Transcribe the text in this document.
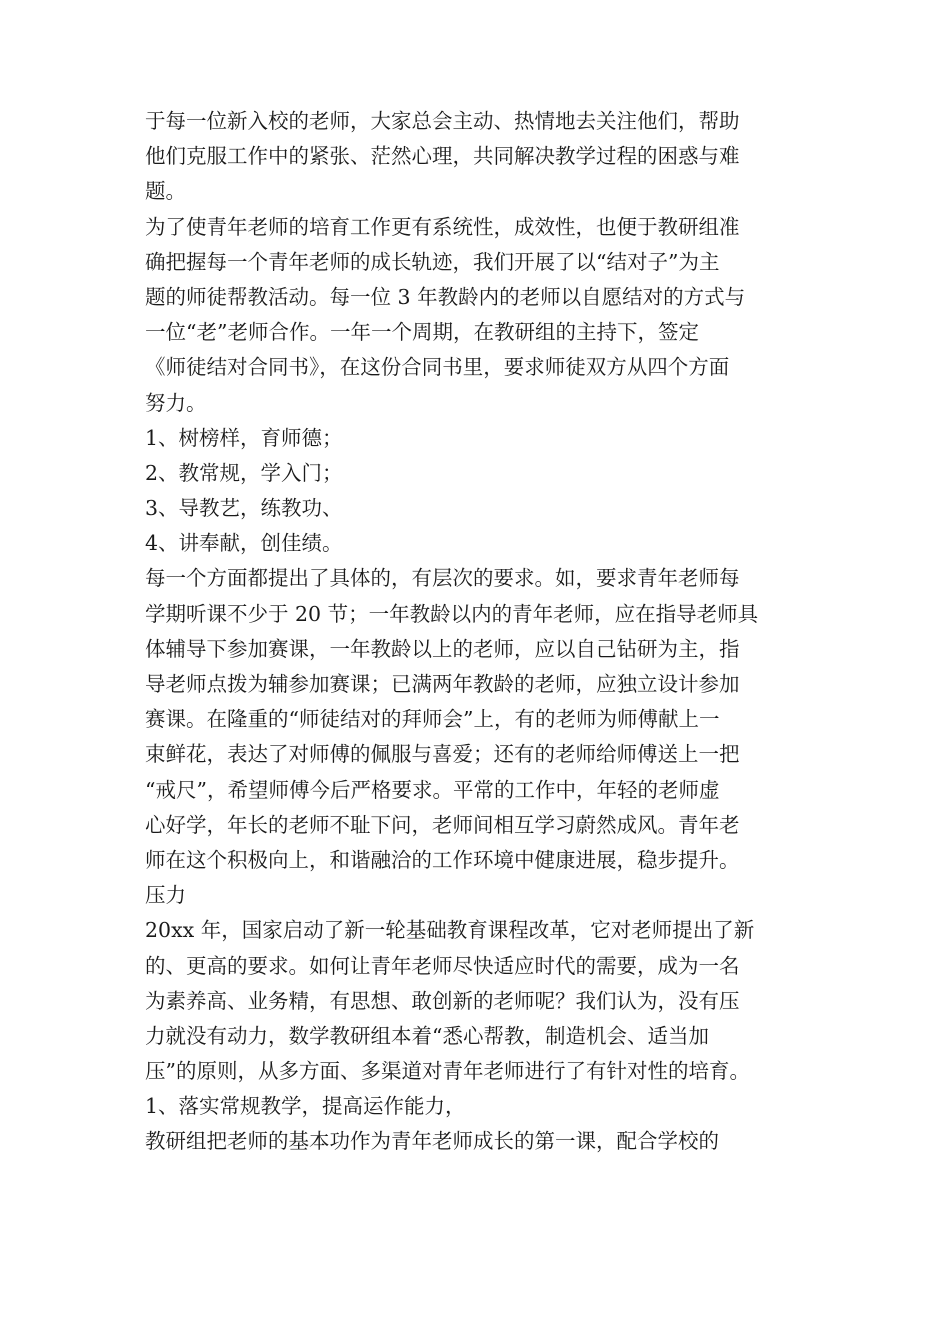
于每一位新入校的老师，大家总会主动、热情地去关注他们，帮助
他们克服工作中的紧张、茫然心理，共同解决教学过程的困惑与难
题。
为了使青年老师的培育工作更有系统性，成效性，也便于教研组准
确把握每一个青年老师的成长轨迹，我们开展了以“结对子”为主
题的师徒帮教活动。每一位 3 年教龄内的老师以自愿结对的方式与
一位“老”老师合作。一年一个周期，在教研组的主持下，签定
《师徒结对合同书》，在这份合同书里，要求师徒双方从四个方面
努力。
1、树榜样，育师德；
2、教常规，学入门；
3、导教艺，练教功、
4、讲奉献，创佳绩。
每一个方面都提出了具体的，有层次的要求。如，要求青年老师每
学期听课不少于 20 节；一年教龄以内的青年老师，应在指导老师具
体辅导下参加赛课，一年教龄以上的老师，应以自己钻研为主，指
导老师点拨为辅参加赛课；已满两年教龄的老师，应独立设计参加
赛课。在隆重的“师徒结对的拜师会”上，有的老师为师傅献上一
束鲜花，表达了对师傅的佩服与喜爱；还有的老师给师傅送上一把
“戒尺”，希望师傅今后严格要求。平常的工作中，年轻的老师虚
心好学，年长的老师不耻下问，老师间相互学习蔚然成风。青年老
师在这个积极向上，和谐融洽的工作环境中健康进展，稳步提升。
压力
20xx 年，国家启动了新一轮基础教育课程改革，它对老师提出了新
的、更高的要求。如何让青年老师尽快适应时代的需要，成为一名
为素养高、业务精，有思想、敢创新的老师呢？我们认为，没有压
力就没有动力，数学教研组本着“悉心帮教，制造机会、适当加
压”的原则，从多方面、多渠道对青年老师进行了有针对性的培育。
1、落实常规教学，提高运作能力，
教研组把老师的基本功作为青年老师成长的第一课，配合学校的
